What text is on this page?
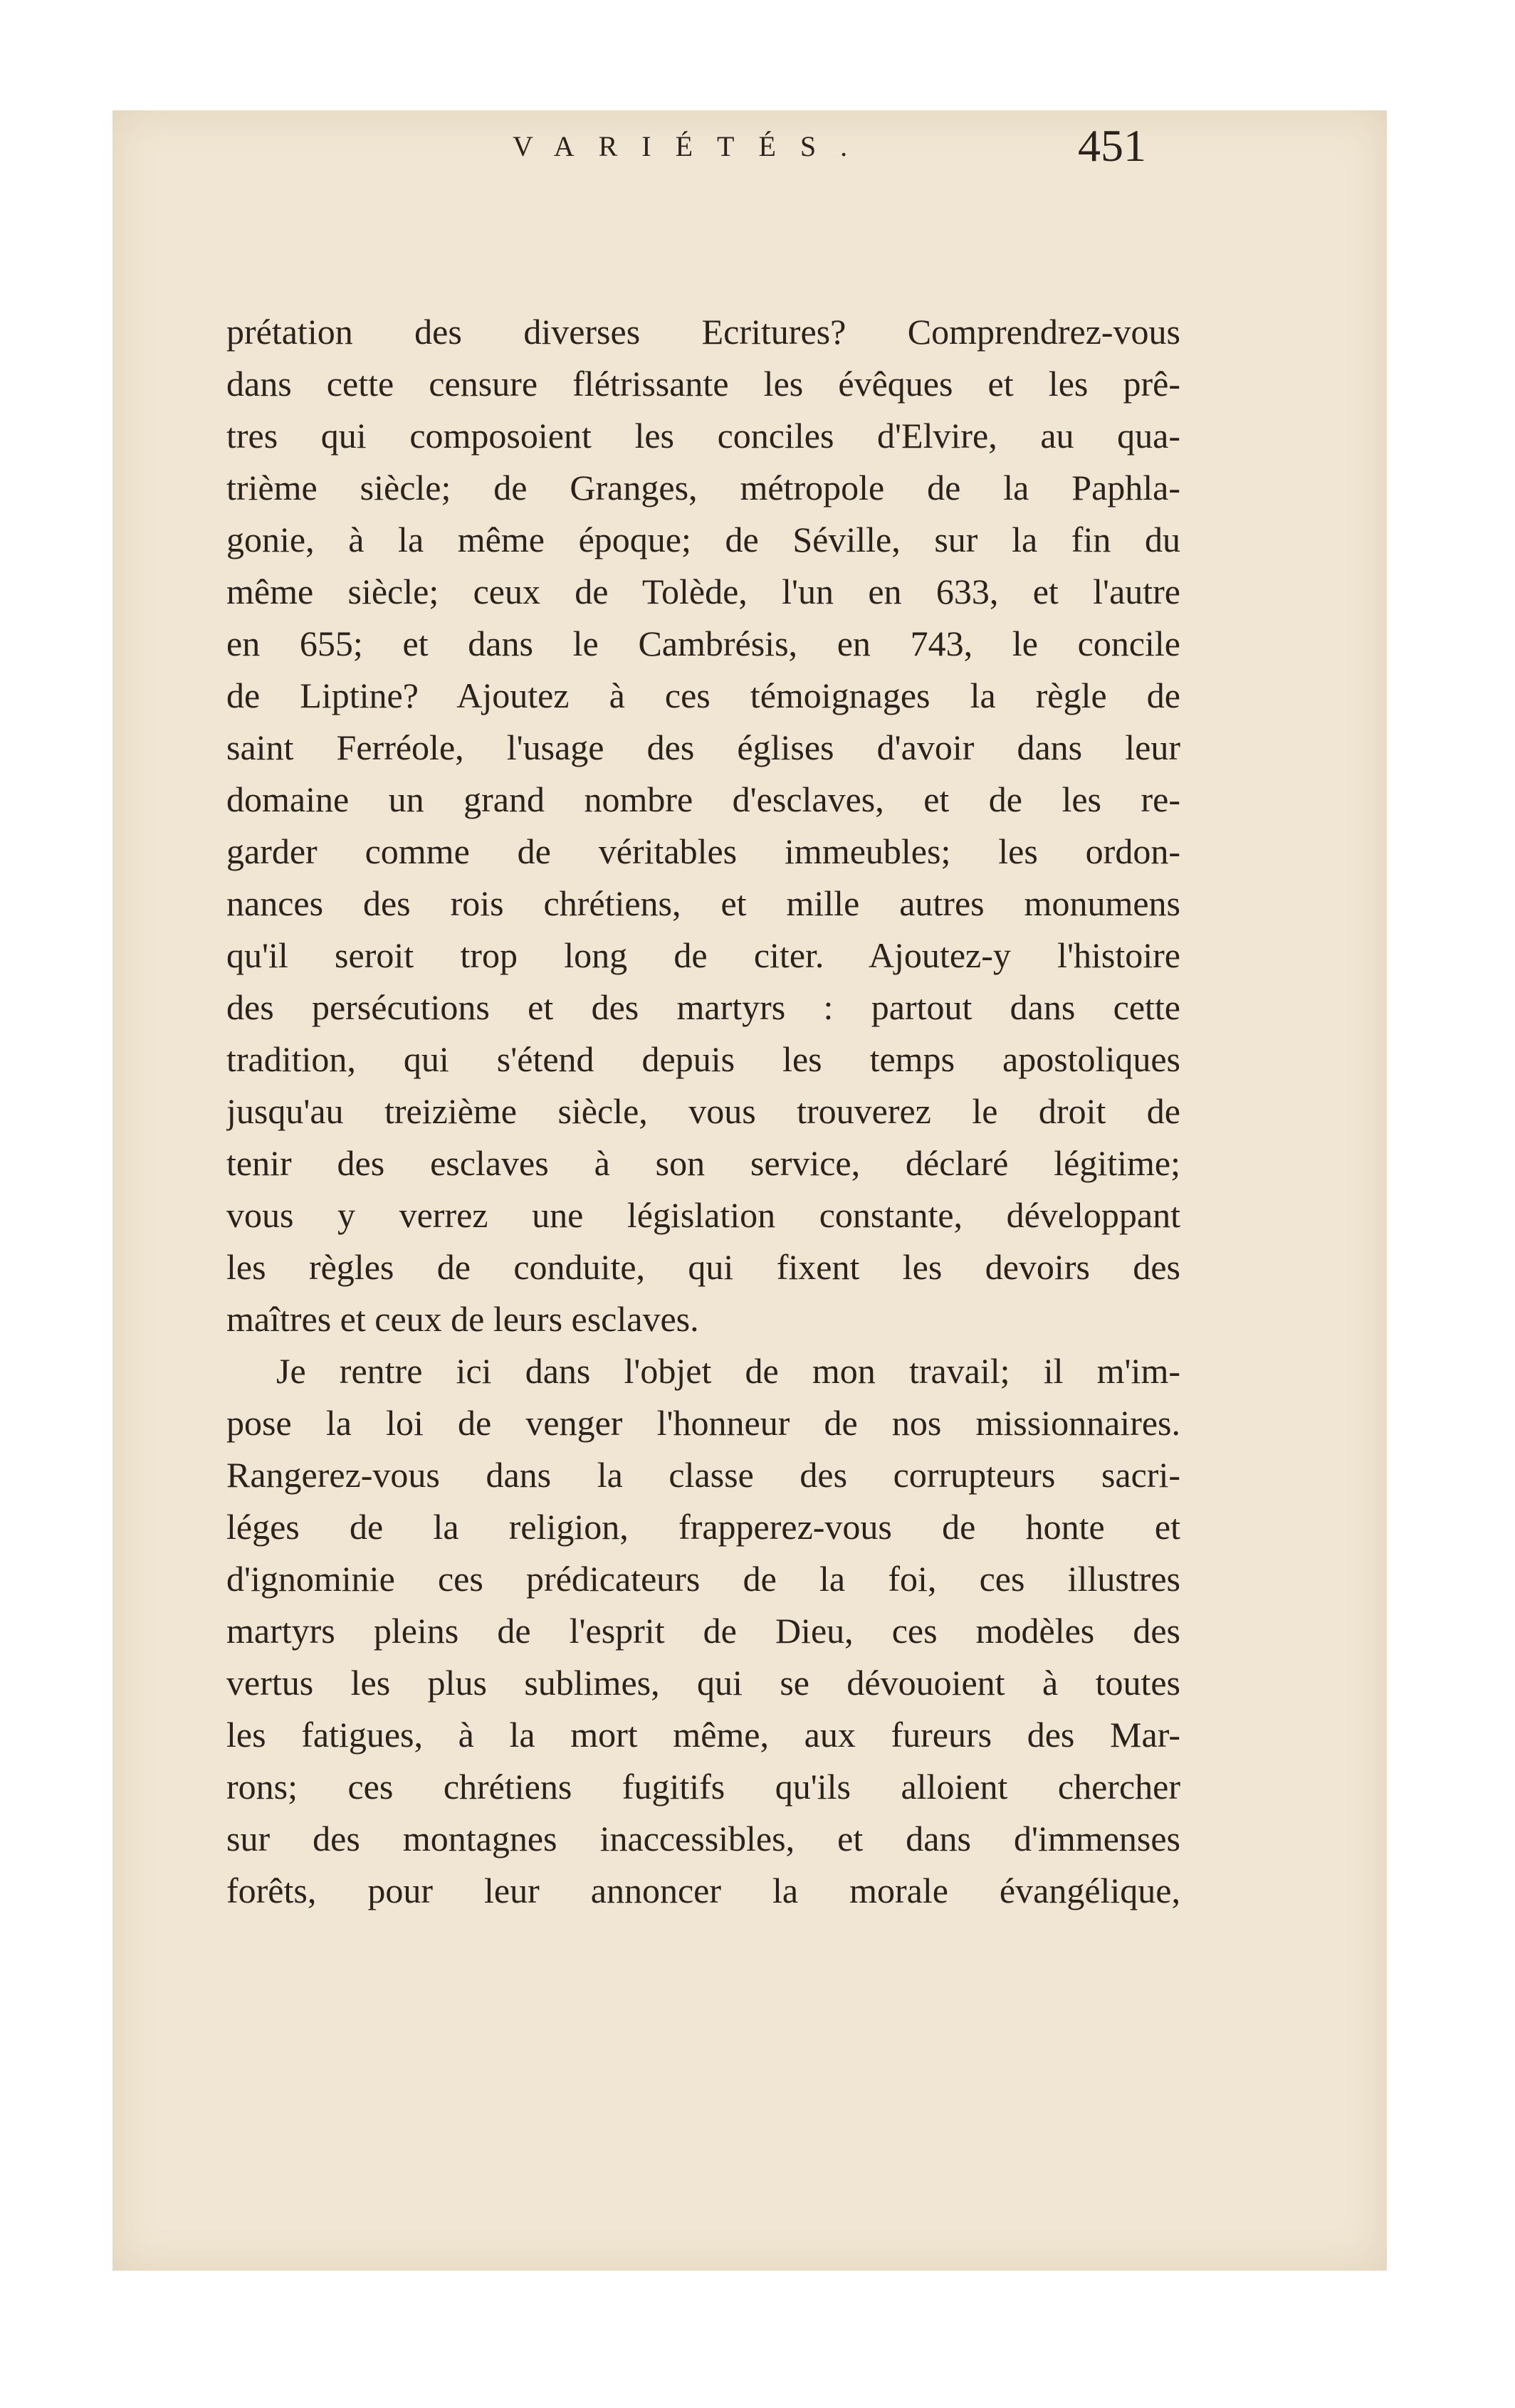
VARIÉTÉS.	451
prétation des diverses Ecritures? Comprendrez-vous
dans cette censure flétrissante les évêques et les prê-
tres qui composoient les conciles d'Elvire, au qua-
trième siècle; de Granges, métropole de la Paphla-
gonie, à la même époque; de Séville, sur la fin du
même siècle; ceux de Tolède, l'un en 633, et l'autre
en 655; et dans le Cambrésis, en 743, le concile
de Liptine? Ajoutez à ces témoignages la règle de
saint Ferréole, l'usage des églises d'avoir dans leur
domaine un grand nombre d'esclaves, et de les re-
garder comme de véritables immeubles; les ordon-
nances des rois chrétiens, et mille autres monumens
qu'il seroit trop long de citer. Ajoutez-y l'histoire
des persécutions et des martyrs : partout dans cette
tradition, qui s'étend depuis les temps apostoliques
jusqu'au treizième siècle, vous trouverez le droit de
tenir des esclaves à son service, déclaré légitime;
vous y verrez une législation constante, développant
les règles de conduite, qui fixent les devoirs des
maîtres et ceux de leurs esclaves.
Je rentre ici dans l'objet de mon travail; il m'im-
pose la loi de venger l'honneur de nos missionnaires.
Rangerez-vous dans la classe des corrupteurs sacri-
léges de la religion, frapperez-vous de honte et
d'ignominie ces prédicateurs de la foi, ces illustres
martyrs pleins de l'esprit de Dieu, ces modèles des
vertus les plus sublimes, qui se dévouoient à toutes
les fatigues, à la mort même, aux fureurs des Mar-
rons; ces chrétiens fugitifs qu'ils alloient chercher
sur des montagnes inaccessibles, et dans d'immenses
forêts, pour leur annoncer la morale évangélique,
